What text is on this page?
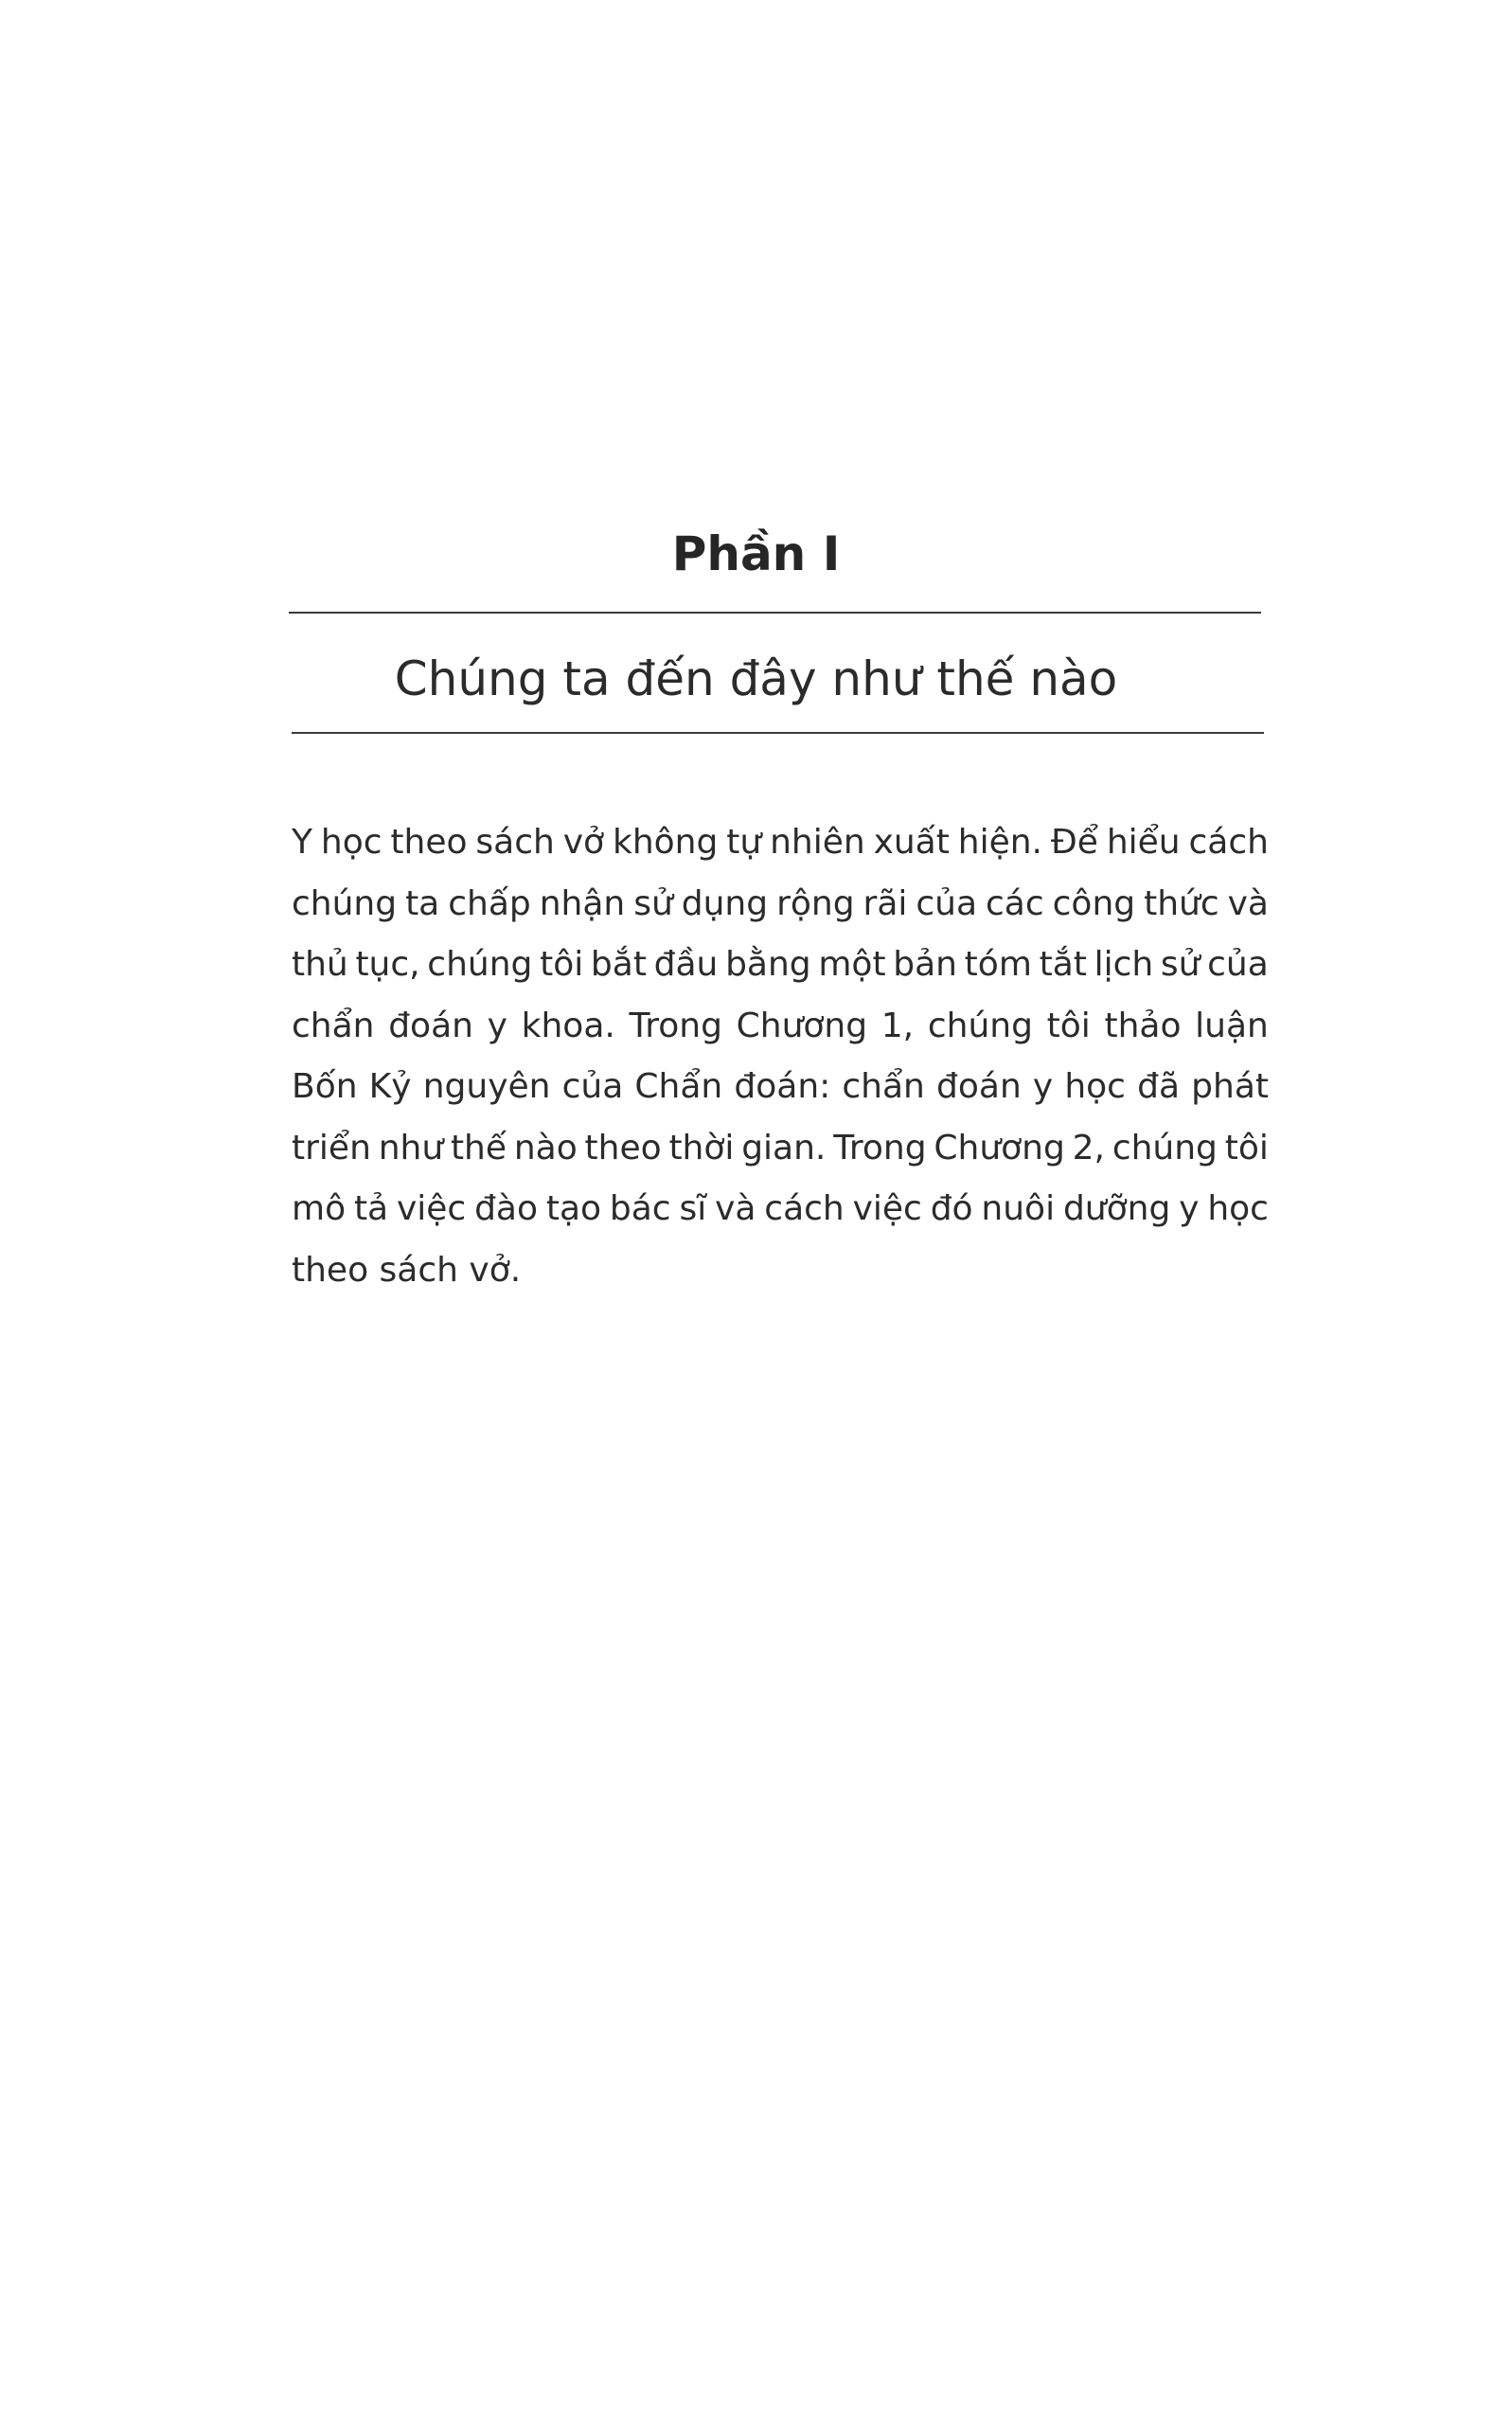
Phần I
Chúng ta đến đây như thế nào
Y học theo sách vở không tự nhiên xuất hiện. Để hiểu cách
chúng ta chấp nhận sử dụng rộng rãi của các công thức và
thủ tục, chúng tôi bắt đầu bằng một bản tóm tắt lịch sử của
chẩn đoán y khoa. Trong Chương 1, chúng tôi thảo luận
Bốn Kỷ nguyên của Chẩn đoán: chẩn đoán y học đã phát
triển như thế nào theo thời gian. Trong Chương 2, chúng tôi
mô tả việc đào tạo bác sĩ và cách việc đó nuôi dưỡng y học
theo sách vở.
